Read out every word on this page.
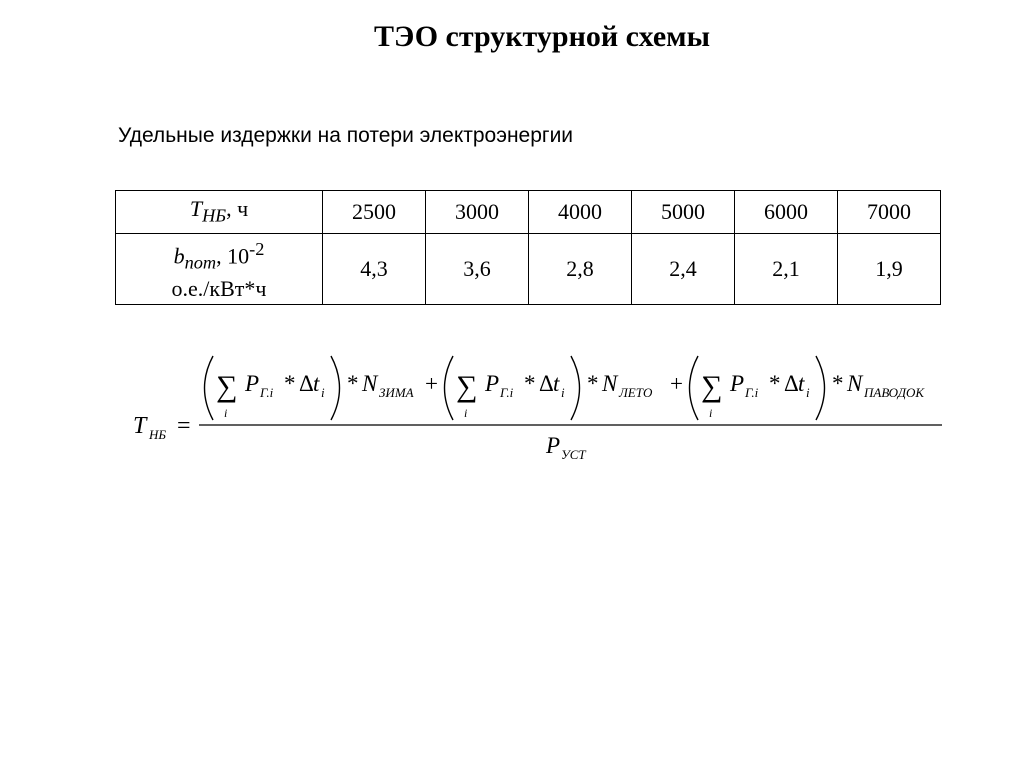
ТЭО структурной схемы
Удельные издержки на потери электроэнергии
$T_{НБ}$, ч	2500	3000	4000	5000	6000	7000
$b_{пот}$, $10^{-2}$
о.е./кВт*ч	4,3	3,6	2,8	2,4	2,1	1,9
T НБ =
∑
i
P Г.i * Δ t i * N ЗИМА + ∑
i
P Г.i * Δ t i * N ЛЕТО + ∑
i
P Г.i * Δ t i * N ПАВОДОК
P УСТ
